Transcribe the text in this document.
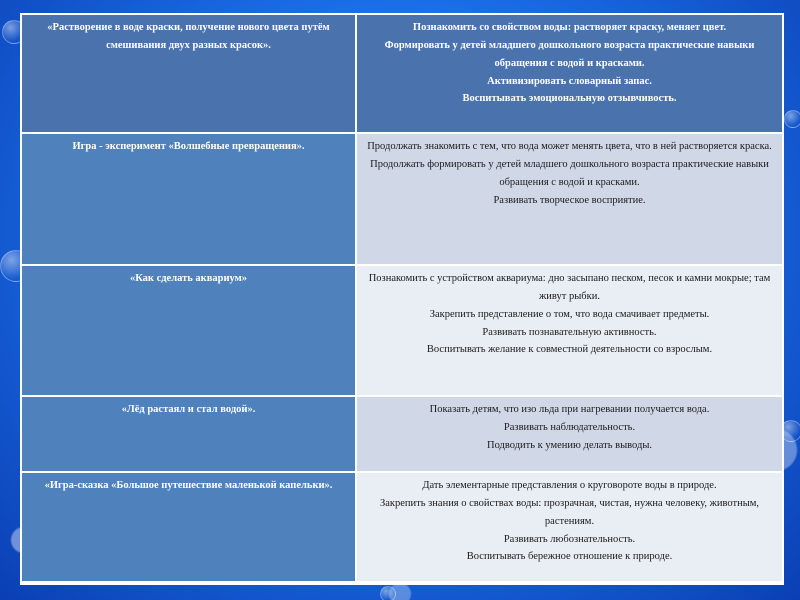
«Растворение в воде краски, получение нового цвета путём смешивания двух разных красок».	Познакомить со свойством воды: растворяет краску, меняет цвет.
Формировать у детей младшего дошкольного возраста практические навыки обращения с водой и красками.
Активизировать словарный запас.
Воспитывать эмоциональную отзывчивость.

Игра - эксперимент «Волшебные превращения».	Продолжать знакомить с тем, что вода может менять цвета, что в ней растворяется краска.
Продолжать формировать у детей младшего дошкольного возраста практические навыки обращения с водой и красками.
Развивать творческое восприятие.

«Как сделать аквариум»	Познакомить с устройством аквариума: дно засыпано песком, песок и камни мокрые; там живут рыбки.
Закрепить представление о том, что вода смачивает предметы.
Развивать познавательную активность.
Воспитывать желание к совместной деятельности со взрослым.

«Лёд растаял и стал водой».	Показать детям, что изо льда при нагревании получается вода.
Развивать наблюдательность.
Подводить к умению делать выводы.

«Игра-сказка «Большое путешествие маленькой капельки».	Дать элементарные представления о круговороте воды в природе.
Закрепить знания о свойствах воды: прозрачная, чистая, нужна человеку, животным, растениям.
Развивать любознательность.
Воспитывать бережное отношение к природе.
